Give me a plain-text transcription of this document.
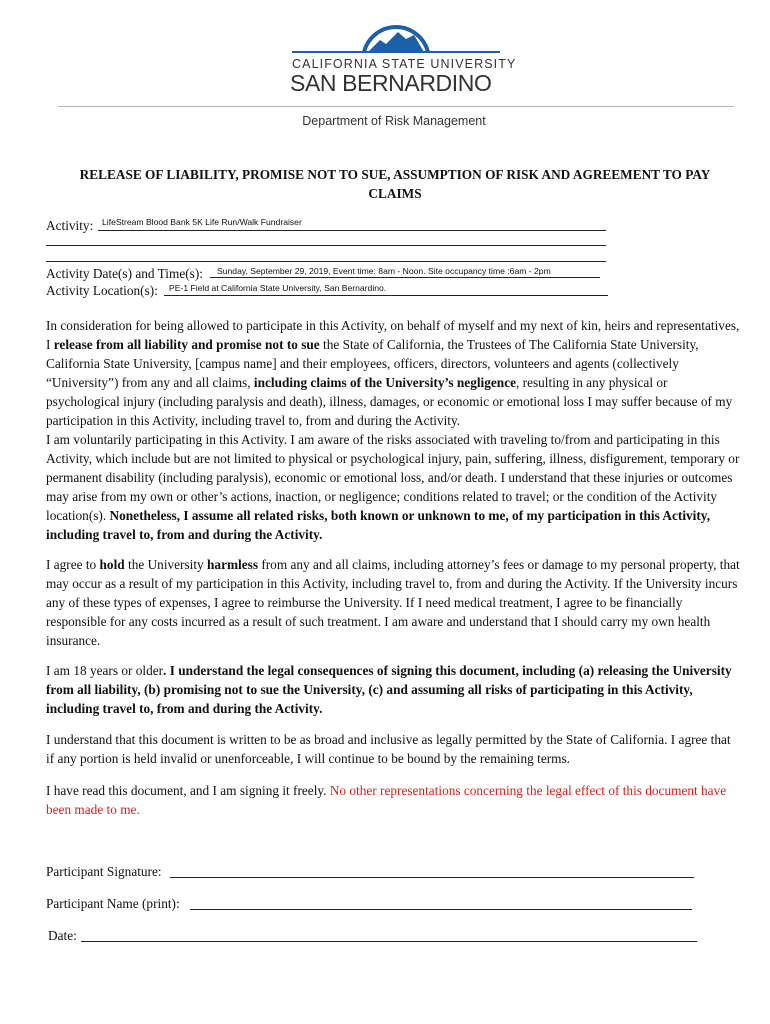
CALIFORNIA STATE UNIVERSITY
SAN BERNARDINO
Department of Risk Management
RELEASE OF LIABILITY, PROMISE NOT TO SUE, ASSUMPTION OF RISK AND AGREEMENT TO PAY CLAIMS
Activity: LifeStream Blood Bank 5K Life Run/Walk Fundraiser
Activity Date(s) and Time(s): Sunday, September 29, 2019, Event time: 8am - Noon. Site occupancy time :6am - 2pm
Activity Location(s): PE-1 Field at California State University, San Bernardino.
In consideration for being allowed to participate in this Activity, on behalf of myself and my next of kin, heirs and representatives, I release from all liability and promise not to sue the State of California, the Trustees of The California State University, California State University, [campus name] and their employees, officers, directors, volunteers and agents (collectively “University”) from any and all claims, including claims of the University’s negligence, resulting in any physical or psychological injury (including paralysis and death), illness, damages, or economic or emotional loss I may suffer because of my participation in this Activity, including travel to, from and during the Activity.
I am voluntarily participating in this Activity. I am aware of the risks associated with traveling to/from and participating in this Activity, which include but are not limited to physical or psychological injury, pain, suffering, illness, disfigurement, temporary or permanent disability (including paralysis), economic or emotional loss, and/or death. I understand that these injuries or outcomes may arise from my own or other’s actions, inaction, or negligence; conditions related to travel; or the condition of the Activity location(s). Nonetheless, I assume all related risks, both known or unknown to me, of my participation in this Activity, including travel to, from and during the Activity.
I agree to hold the University harmless from any and all claims, including attorney’s fees or damage to my personal property, that may occur as a result of my participation in this Activity, including travel to, from and during the Activity. If the University incurs any of these types of expenses, I agree to reimburse the University. If I need medical treatment, I agree to be financially responsible for any costs incurred as a result of such treatment. I am aware and understand that I should carry my own health insurance.
I am 18 years or older. I understand the legal consequences of signing this document, including (a) releasing the University from all liability, (b) promising not to sue the University, (c) and assuming all risks of participating in this Activity, including travel to, from and during the Activity.
I understand that this document is written to be as broad and inclusive as legally permitted by the State of California. I agree that if any portion is held invalid or unenforceable, I will continue to be bound by the remaining terms.
I have read this document, and I am signing it freely. No other representations concerning the legal effect of this document have been made to me.
Participant Signature:
Participant Name (print):
Date:
